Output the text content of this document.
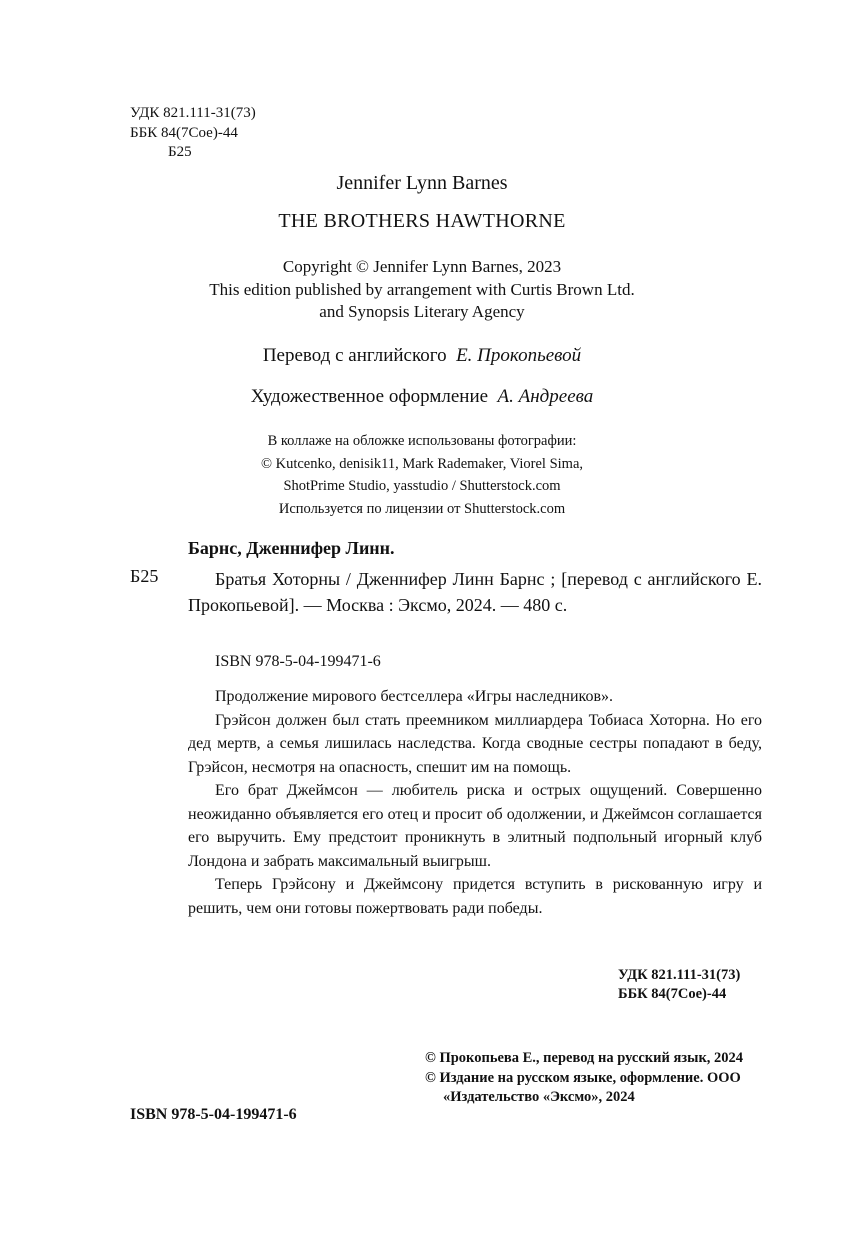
УДК 821.111-31(73)
ББК 84(7Сое)-44
Б25
Jennifer Lynn Barnes
THE BROTHERS HAWTHORNE
Copyright © Jennifer Lynn Barnes, 2023
This edition published by arrangement with Curtis Brown Ltd.
and Synopsis Literary Agency
Перевод с английского Е. Прокопьевой
Художественное оформление А. Андреева
В коллаже на обложке использованы фотографии:
© Kutcenko, denisik11, Mark Rademaker, Viorel Sima,
ShotPrime Studio, yasstudio / Shutterstock.com
Используется по лицензии от Shutterstock.com
Барнс, Дженнифер Линн.
Б25	Братья Хоторны / Дженнифер Линн Барнс ; [перевод с английского Е. Прокопьевой]. — Москва : Эксмо, 2024. — 480 с.
ISBN 978-5-04-199471-6

Продолжение мирового бестселлера «Игры наследников».

Грэйсон должен был стать преемником миллиардера Тобиаса Хоторна. Но его дед мертв, а семья лишилась наследства. Когда сводные сестры попадают в беду, Грэйсон, несмотря на опасность, спешит им на помощь.

Его брат Джеймсон — любитель риска и острых ощущений. Совершенно неожиданно объявляется его отец и просит об одолжении, и Джеймсон соглашается его выручить. Ему предстоит проникнуть в элитный подпольный игорный клуб Лондона и забрать максимальный выигрыш.

Теперь Грэйсону и Джеймсону придется вступить в рискованную игру и решить, чем они готовы пожертвовать ради победы.

УДК 821.111-31(73)
ББК 84(7Сое)-44
© Прокопьева Е., перевод на русский язык, 2024
© Издание на русском языке, оформление. ООО «Издательство «Эксмо», 2024
ISBN 978-5-04-199471-6
